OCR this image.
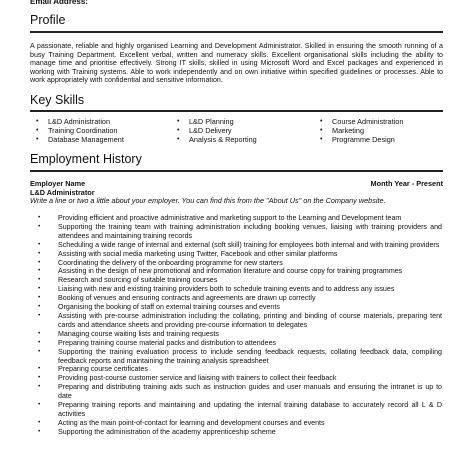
Email Address:
Profile
A passionate, reliable and highly organised Learning and Development Administrator. Skilled in ensuring the smooth running of a busy Training Department. Excellent verbal, written and numeracy skills. Excellent organisational skills including the ability to manage time and prioritise effectively. Strong IT skills, skilled in using Microsoft Word and Excel packages and experienced in working with Training systems. Able to work independently and on own initiative within specified guidelines or processes. Able to work appropriately with confidential and sensitive information.
Key Skills
•	L&D Administration	•	L&D Planning	•	Course Administration
•	Training Coordination	•	L&D Delivery	•	Marketing
•	Database Management	•	Analysis & Reporting	•	Programme Design
Employment History
Employer Name	Month Year - Present
L&D Administrator
Write a line or two a little about your employer. You can find this from the "About Us" on the Company website.
•	Providing efficient and proactive administrative and marketing support to the Learning and Development team
•	Supporting the training team with training administration including booking venues, liaising with training providers and attendees and maintaining training records
•	Scheduling a wide range of internal and external (soft skill) training for employees both internal and with training providers
•	Assisting with social media marketing using Twitter, Facebook and other similar platforms
•	Coordinating the delivery of the onboarding programme for new starters
•	Assisting in the design of new promotional and information literature and course copy for training programmes
•	Research and sourcing of suitable training courses
•	Liaising with new and existing training providers both to schedule training events and to address any issues
•	Booking of venues and ensuring contracts and agreements are drawn up correctly
•	Organising the booking of staff on external training courses and events
•	Assisting with pre-course administration including the collating, printing and binding of course materials, preparing tent cards and attendance sheets and providing pre-course information to delegates
•	Managing course waiting lists and training requests
•	Preparing training course material packs and distribution to attendees
•	Supporting the training evaluation process to include sending feedback requests, collating feedback data, compiling feedback reports and maintaining the training analysis spreadsheet
•	Preparing course certificates
•	Providing post-course customer service and liaising with trainers to collect their feedback
•	Preparing and distributing training aids such as instruction guides and user manuals and ensuring the intranet is up to date
•	Preparing training reports and maintaining and updating the internal training database to accurately record all L & D activities
•	Acting as the main point-of-contact for learning and development courses and events
•	Supporting the administration of the academy apprenticeship scheme
